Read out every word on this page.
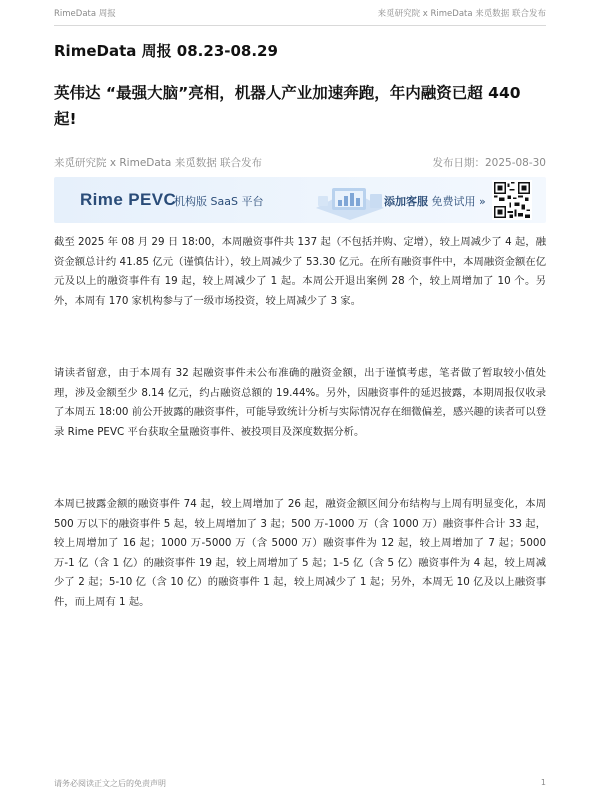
RimeData 周报	来觅研究院 x RimeData 来觅数据 联合发布
RimeData 周报 08.23-08.29
英伟达 “最强大脑”亮相，机器人产业加速奔跑，年内融资已超 440 起!
来觅研究院 x RimeData 来觅数据 联合发布	发布日期：2025-08-30
Rime PEVC
机构版 SaaS 平台	添加客服 免费试用 »

截至 2025 年 08 月 29 日 18:00，本周融资事件共 137 起（不包括并购、定增），较上周减少了 4 起，融资金额总计约 41.85 亿元（谨慎估计），较上周减少了 53.30 亿元。在所有融资事件中，本周融资金额在亿元及以上的融资事件有 19 起，较上周减少了 1 起。本周公开退出案例 28 个，较上周增加了 10 个。另外，本周有 170 家机构参与了一级市场投资，较上周减少了 3 家。

请读者留意，由于本周有 32 起融资事件未公布准确的融资金额，出于谨慎考虑，笔者做了暂取较小值处理，涉及金额至少 8.14 亿元，约占融资总额的 19.44%。另外，因融资事件的延迟披露，本期周报仅收录了本周五 18:00 前公开披露的融资事件，可能导致统计分析与实际情况存在细微偏差，感兴趣的读者可以登录 Rime PEVC 平台获取全量融资事件、被投项目及深度数据分析。

本周已披露金额的融资事件 74 起，较上周增加了 26 起，融资金额区间分布结构与上周有明显变化，本周 500 万以下的融资事件 5 起，较上周增加了 3 起；500 万-1000 万（含 1000 万）融资事件合计 33 起，较上周增加了 16 起；1000 万-5000 万（含 5000 万）融资事件为 12 起，较上周增加了 7 起；5000 万-1 亿（含 1 亿）的融资事件 19 起，较上周增加了 5 起；1-5 亿（含 5 亿）融资事件为 4 起，较上周减少了 2 起；5-10 亿（含 10 亿）的融资事件 1 起，较上周减少了 1 起；另外，本周无 10 亿及以上融资事件，而上周有 1 起。

请务必阅读正文之后的免责声明	1
